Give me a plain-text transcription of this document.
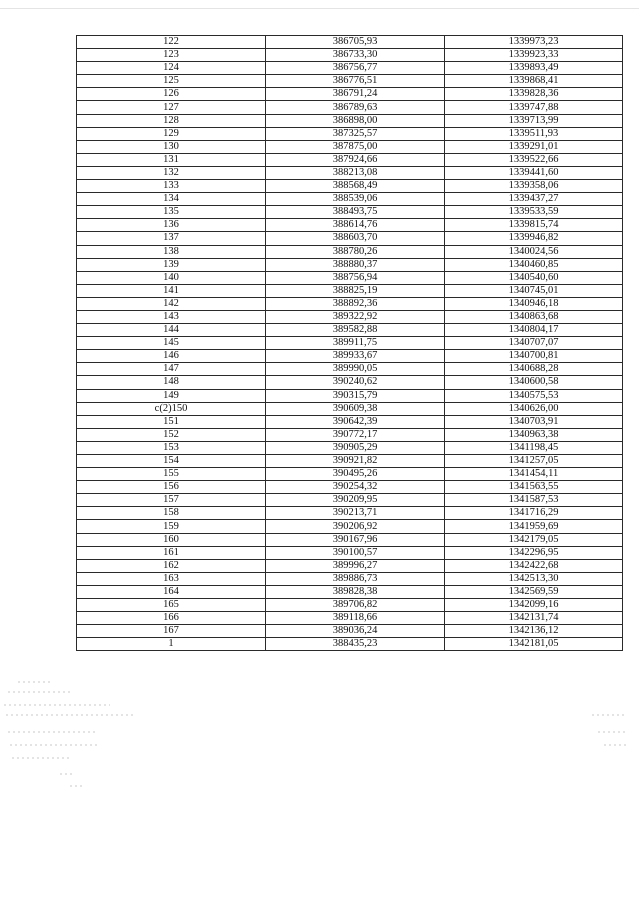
122	386705,93	1339973,23
123	386733,30	1339923,33
124	386756,77	1339893,49
125	386776,51	1339868,41
126	386791,24	1339828,36
127	386789,63	1339747,88
128	386898,00	1339713,99
129	387325,57	1339511,93
130	387875,00	1339291,01
131	387924,66	1339522,66
132	388213,08	1339441,60
133	388568,49	1339358,06
134	388539,06	1339437,27
135	388493,75	1339533,59
136	388614,76	1339815,74
137	388603,70	1339946,82
138	388780,26	1340024,56
139	388880,37	1340460,85
140	388756,94	1340540,60
141	388825,19	1340745,01
142	388892,36	1340946,18
143	389322,92	1340863,68
144	389582,88	1340804,17
145	389911,75	1340707,07
146	389933,67	1340700,81
147	389990,05	1340688,28
148	390240,62	1340600,58
149	390315,79	1340575,53
c(2)150	390609,38	1340626,00
151	390642,39	1340703,91
152	390772,17	1340963,38
153	390905,29	1341198,45
154	390921,82	1341257,05
155	390495,26	1341454,11
156	390254,32	1341563,55
157	390209,95	1341587,53
158	390213,71	1341716,29
159	390206,92	1341959,69
160	390167,96	1342179,05
161	390100,57	1342296,95
162	389996,27	1342422,68
163	389886,73	1342513,30
164	389828,38	1342569,59
165	389706,82	1342099,16
166	389118,66	1342131,74
167	389036,24	1342136,12
1	388435,23	1342181,05
